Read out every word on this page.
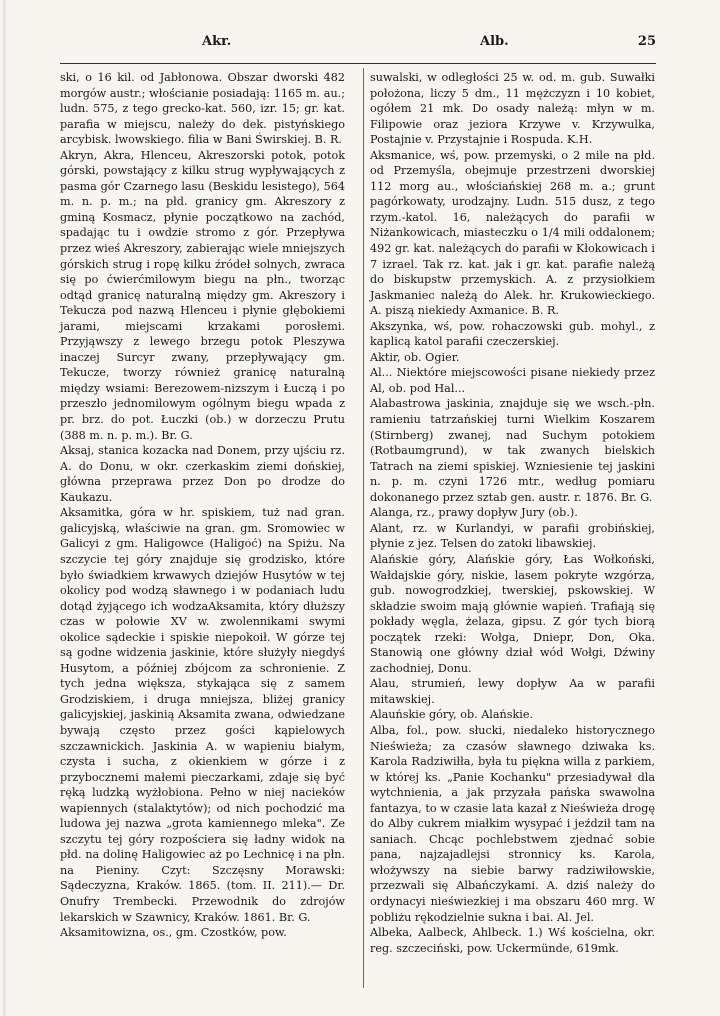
Akr.	Alb.	25

ski, o 16 kil. od Jabłonowa. Obszar dworski 482 morgów austr.; włościanie posiadają: 1165 m. au.; ludn. 575, z tego grecko-kat. 560, izr. 15; gr. kat. parafia w miejscu, należy do dek. pistyńskiego arcybisk. lwowskiego. filia w Bani Świrskiej. B. R.

Akryn, Akra, Hlenceu, Akreszorski potok, potok górski, powstający z kilku strug wypływających z pasma gór Czarnego lasu (Beskidu lesistego), 564 m. n. p. m.; na płd. granicy gm. Akreszory z gminą Kosmacz, płynie początkowo na zachód, spadając tu i owdzie stromo z gór. Przepływa przez wieś Akreszory, zabierając wiele mniejszych górskich strug i ropę kilku źródeł solnych, zwraca się po ćwierćmilowym biegu na płn., tworząc odtąd granicę naturalną między gm. Akreszory i Tekucza pod nazwą Hlenceu i płynie głębokiemi jarami, miejscami krzakami porosłemi. Przyjąwszy z lewego brzegu potok Pleszywa inaczej Surcyr zwany, przepływający gm. Tekucze, tworzy również granicę naturalną między wsiami: Berezowem-nizszym i Łuczą i po przeszło jednomilowym ogólnym biegu wpada z pr. brz. do pot. Łuczki (ob.) w dorzeczu Prutu (388 m. n. p. m.). Br. G.

Aksaj, stanica kozacka nad Donem, przy ujściu rz. A. do Donu, w okr. czerkaskim ziemi dońskiej, główna przeprawa przez Don po drodze do Kaukazu.

Aksamitka, góra w hr. spiskiem, tuż nad gran. galicyjską, właściwie na gran. gm. Sromowiec w Galicyi z gm. Haligowce (Haligoć) na Spiżu. Na szczycie tej góry znajduje się grodzisko, które było świadkiem krwawych dziejów Husytów w tej okolicy pod wodzą sławnego i w podaniach ludu dotąd żyjącego ich wodzaAksamita, który dłuższy czas w połowie XV w. zwolennikami swymi okolice sądeckie i spiskie niepokoił. W górze tej są godne widzenia jaskinie, które służyły niegdyś Husytom, a później zbójcom za schronienie. Z tych jedna większa, stykająca się z samem Grodziskiem, i druga mniejsza, bliżej granicy galicyjskiej, jaskinią Aksamita zwana, odwiedzane bywają często przez gości kąpielowych szczawnickich. Jaskinia A. w wapieniu białym, czysta i sucha, z okienkiem w górze i z przybocznemi małemi pieczarkami, zdaje się być ręką ludzką wyżłobiona. Pełno w niej nacieków wapiennych (stalaktytów); od nich pochodzić ma ludowa jej nazwa „grota kamiennego mleka". Ze szczytu tej góry rozpościera się ładny widok na płd. na dolinę Haligowiec aż po Lechnicę i na płn. na Pieniny. Czyt: Szczęsny Morawski: Sądeczyzna, Kraków. 1865. (tom. II. 211).— Dr. Onufry Trembecki. Przewodnik do zdrojów lekarskich w Szawnicy, Kraków. 1861. Br. G.

Aksamitowizna, os., gm. Czostków, pow.

suwalski, w odległości 25 w. od. m. gub. Suwałki położona, liczy 5 dm., 11 mężczyzn i 10 kobiet, ogółem 21 mk. Do osady należą: młyn w m. Filipowie oraz jeziora Krzywe v. Krzywulka, Postajnie v. Przystajnie i Rospuda. K.H.

Aksmanice, wś, pow. przemyski, o 2 mile na płd. od Przemyśla, obejmuje przestrzeni dworskiej 112 morg au., włościańskiej 268 m. a.; grunt pagórkowaty, urodzajny. Ludn. 515 dusz, z tego rzym.-katol. 16, należących do parafii w Niżankowicach, miasteczku o 1/4 mili oddalonem; 492 gr. kat. należących do parafii w Kłokowicach i 7 izrael. Tak rz. kat. jak i gr. kat. parafie należą do biskupstw przemyskich. A. z przysiołkiem Jaskmaniec należą do Alek. hr. Krukowieckiego. A. piszą niekiedy Axmanice. B. R.

Akszynka, wś, pow. rohaczowski gub. mohyl., z kaplicą katol parafii czeczerskiej.

Aktir, ob. Ogier.

Al... Niektóre miejscowości pisane niekiedy przez Al, ob. pod Hal...

Alabastrowa jaskinia, znajduje się we wsch.-płn. ramieniu tatrzańskiej turni Wielkim Koszarem (Stirnberg) zwanej, nad Suchym potokiem (Rotbaumgrund), w tak zwanych bielskich Tatrach na ziemi spiskiej. Wzniesienie tej jaskini n. p. m. czyni 1726 mtr., według pomiaru dokonanego przez sztab gen. austr. r. 1876. Br. G.

Alanga, rz., prawy dopływ Jury (ob.).

Alant, rz. w Kurlandyi, w parafii grobińskiej, płynie z jez. Telsen do zatoki libawskiej.

Alańskie góry, Alańskie góry, Łas Wołkoński, Wałdajskie góry, niskie, lasem pokryte wzgórza, gub. nowogrodzkiej, twerskiej, pskowskiej. W składzie swoim mają głównie wapień. Trafiają się pokłady węgla, żelaza, gipsu. Z gór tych biorą początek rzeki: Wołga, Dniepr, Don, Oka. Stanowią one główny dział wód Wołgi, Dźwiny zachodniej, Donu.

Alau, strumień, lewy dopływ Aa w parafii mitawskiej.

Alauńskie góry, ob. Alańskie.

Alba, fol., pow. słucki, niedaleko historycznego Nieświeża; za czasów sławnego dziwaka ks. Karola Radziwiłła, była tu piękna willa z parkiem, w której ks. „Panie Kochanku" przesiadywał dla wytchnienia, a jak przyzała pańska swawolna fantazya, to w czasie lata kazał z Nieświeża drogę do Alby cukrem miałkim wysypać i jeździł tam na saniach. Chcąc pochlebstwem zjednać sobie pana, najzajadlejsi stronnicy ks. Karola, włożywszy na siebie barwy radziwiłowskie, przezwali się Albańczykami. A. dziś należy do ordynacyi nieświezkiej i ma obszaru 460 mrg. W pobliżu rękodzielnie sukna i bai. Al. Jel.

Albeka, Aalbeck, Ahlbeck. 1.) Wś kościelna, okr. reg. szczeciński, pow. Uckermünde, 619mk.
